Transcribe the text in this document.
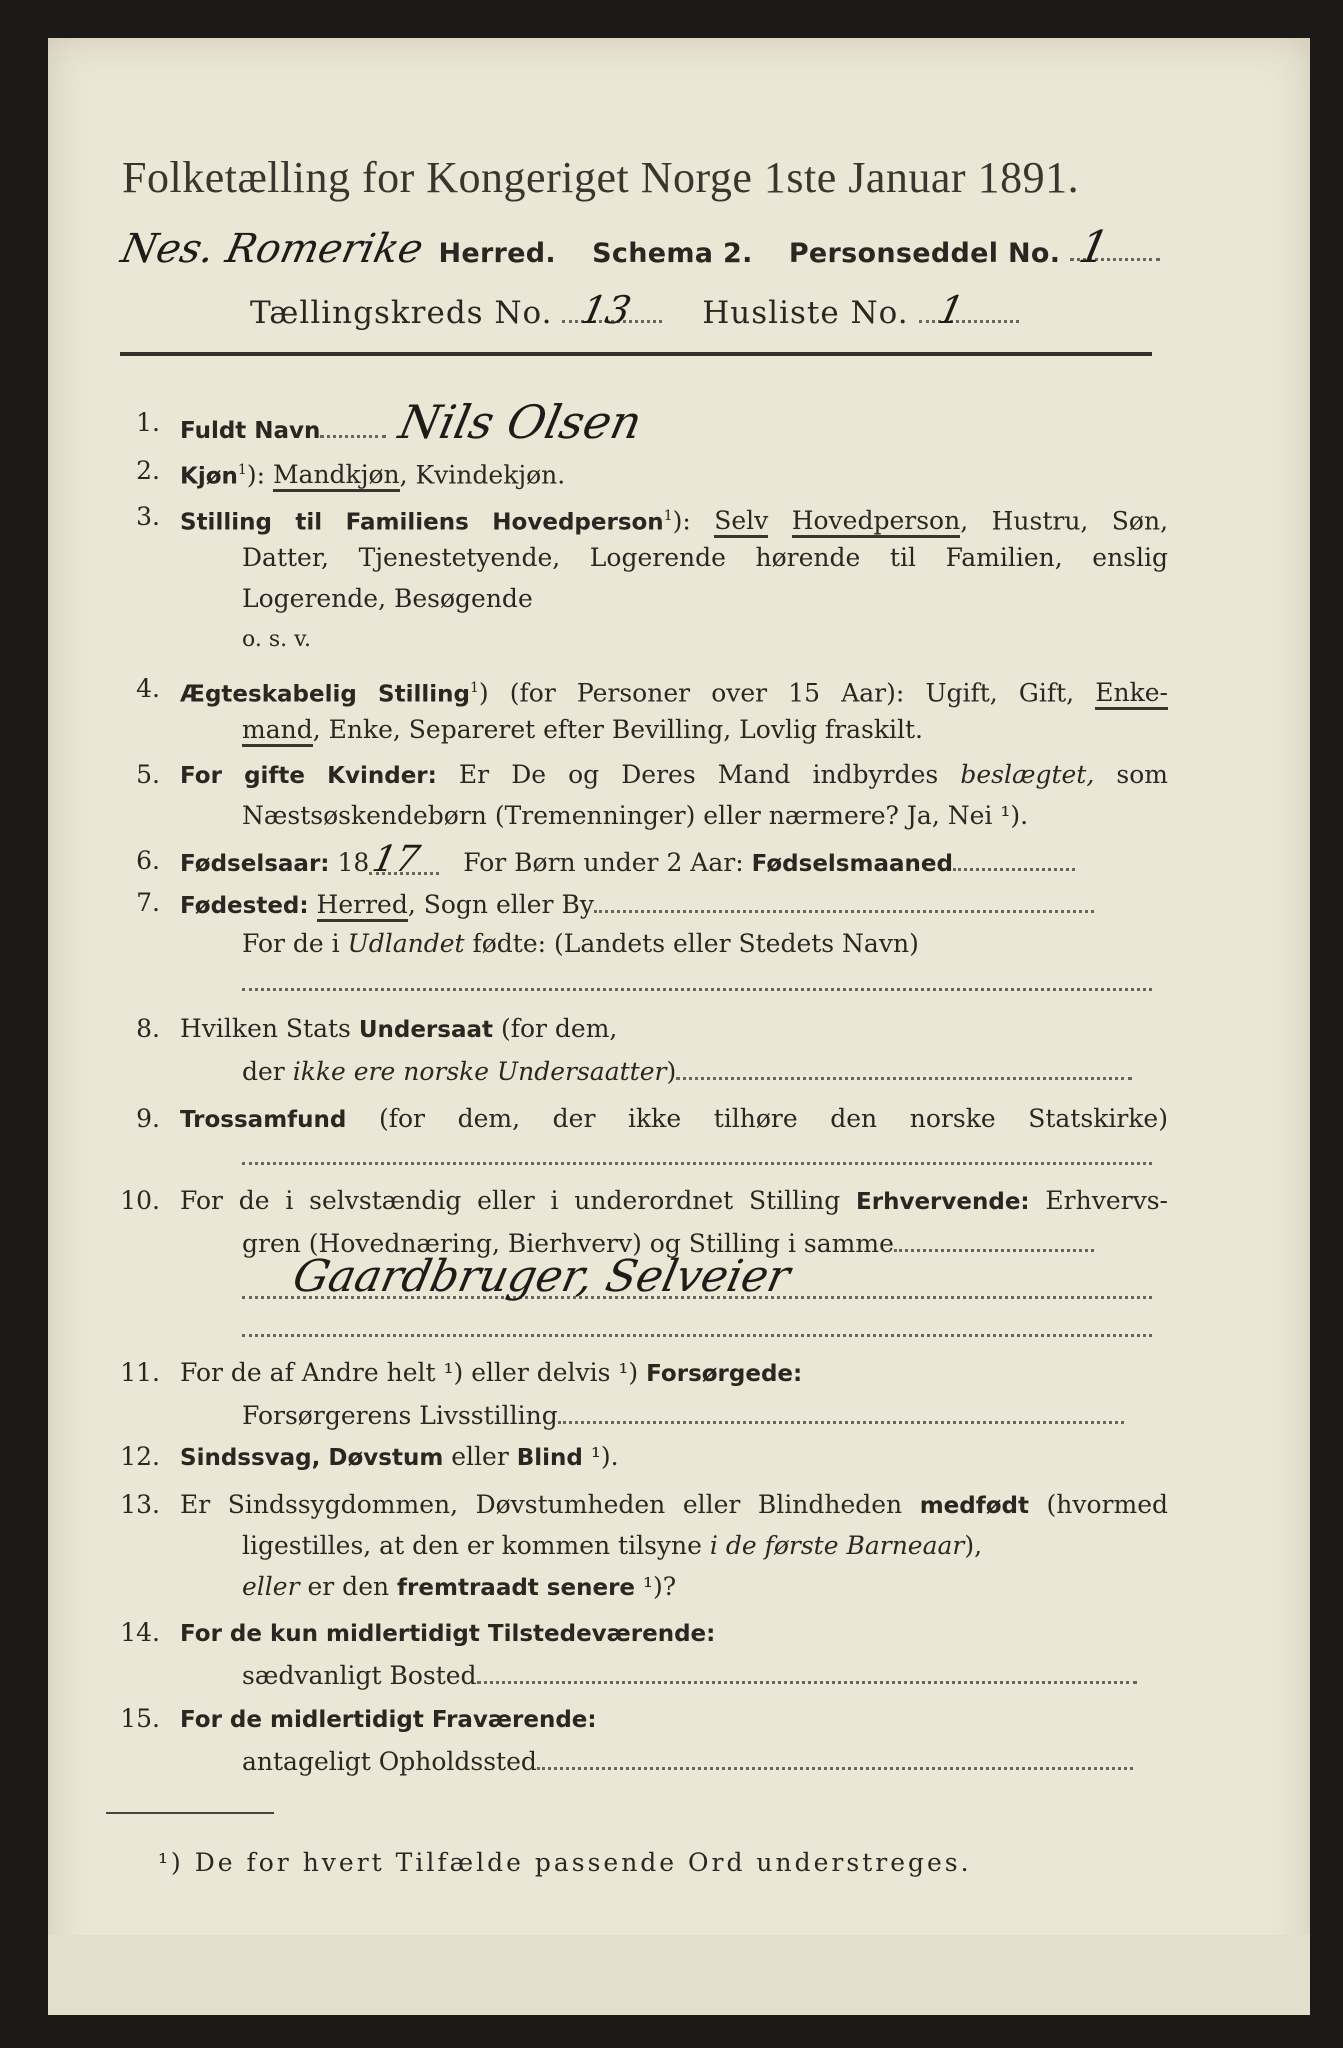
Folketælling for Kongeriget Norge 1ste Januar 1891.
Nes. Romerike Herred. Schema 2. Personseddel No. 1
Tællingskreds No. 13 Husliste No. 1
1. Fuldt Navn Nils Olsen
2. Kjøn$^1$): Mandkjøn, Kvindekjøn.
3. Stilling til Familiens Hovedperson$^1$): Selv Hovedperson, Hustru, Søn,
Datter, Tjenestetyende, Logerende hørende til Familien, enslig
Logerende, Besøgende
o. s. v.
4. Ægteskabelig Stilling$^1$) (for Personer over 15 Aar): Ugift, Gift, Enke-
mand, Enke, Separeret efter Bevilling, Lovlig fraskilt.
5. For gifte Kvinder: Er De og Deres Mand indbyrdes beslægtet, som
Næstsøskendebørn (Tremenninger) eller nærmere? Ja, Nei ¹).
6. Fødselsaar: 1817 For Børn under 2 Aar: Fødselsmaaned
7. Fødested: Herred, Sogn eller By
For de i Udlandet fødte: (Landets eller Stedets Navn)
8. Hvilken Stats Undersaat (for dem,
der ikke ere norske Undersaatter)
9. Trossamfund (for dem, der ikke tilhøre den norske Statskirke)
10. For de i selvstændig eller i underordnet Stilling Erhvervende: Erhvervs-
gren (Hovednæring, Bierhverv) og Stilling i samme
Gaardbruger, Selveier
11. For de af Andre helt ¹) eller delvis ¹) Forsørgede:
Forsørgerens Livsstilling
12. Sindssvag, Døvstum eller Blind ¹).
13. Er Sindssygdommen, Døvstumheden eller Blindheden medfødt (hvormed
ligestilles, at den er kommen tilsyne i de første Barneaar),
eller er den fremtraadt senere ¹)?
14. For de kun midlertidigt Tilstedeværende:
sædvanligt Bosted
15. For de midlertidigt Fraværende:
antageligt Opholdssted
¹) De for hvert Tilfælde passende Ord understreges.
